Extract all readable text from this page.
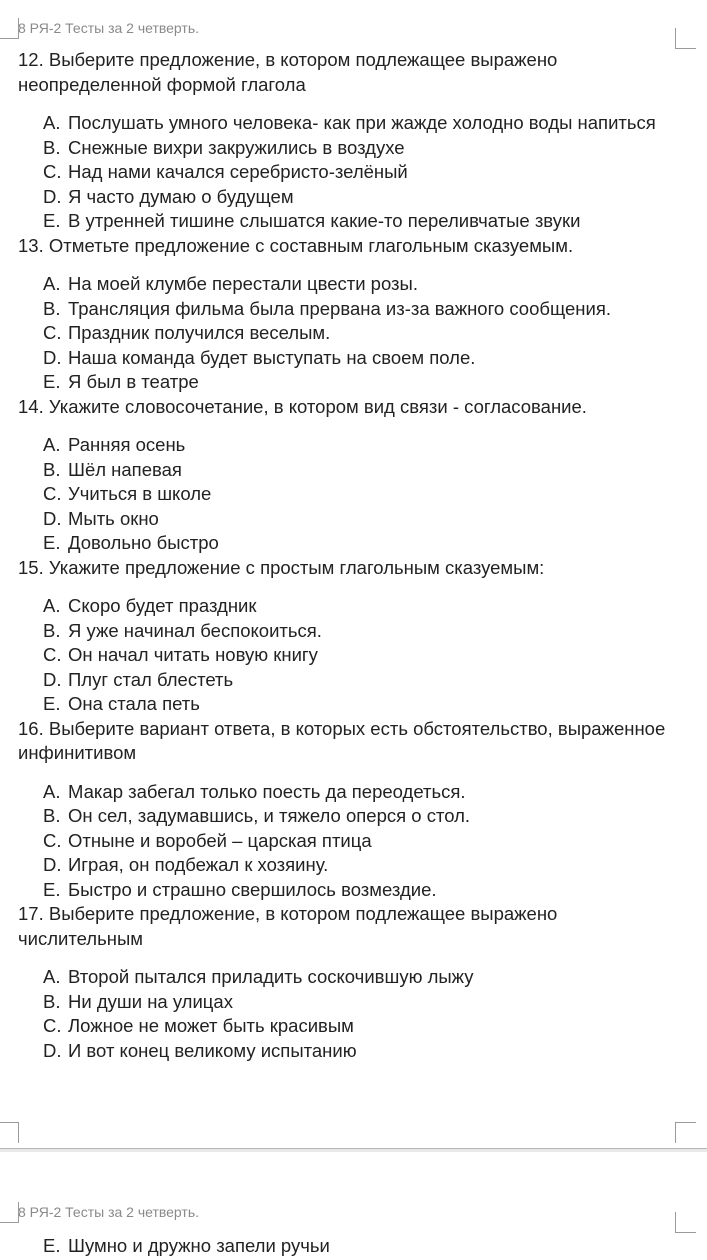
8 РЯ-2 Тесты за 2 четверть.
12. Выберите предложение, в котором подлежащее выражено неопределенной формой глагола
A. Послушать умного человека- как при жажде холодно воды напиться
B. Снежные вихри закружились в воздухе
C. Над нами качался серебристо-зелёный
D. Я часто думаю о будущем
E. В утренней тишине слышатся какие-то переливчатые звуки
13. Отметьте предложение с составным глагольным сказуемым.
A. На моей клумбе перестали цвести розы.
B. Трансляция фильма была прервана из-за важного сообщения.
C. Праздник получился веселым.
D. Наша команда будет выступать на своем поле.
E. Я был в театре
14. Укажите словосочетание, в котором вид связи - согласование.
A. Ранняя осень
B. Шёл напевая
C. Учиться в школе
D. Мыть окно
E. Довольно быстро
15. Укажите предложение с простым глагольным сказуемым:
A. Скоро будет праздник
B. Я уже начинал беспокоиться.
C. Он начал читать новую книгу
D. Плуг стал блестеть
E. Она стала петь
16. Выберите вариант ответа, в которых есть обстоятельство, выраженное инфинитивом
A. Макар забегал только поесть да переодеться.
B. Он сел, задумавшись, и тяжело оперся о стол.
C. Отныне и воробей – царская птица
D. Играя, он подбежал к хозяину.
E. Быстро и страшно свершилось возмездие.
17. Выберите предложение, в котором подлежащее выражено числительным
A. Второй пытался приладить соскочившую лыжу
B. Ни души на улицах
C. Ложное не может быть красивым
D. И вот конец великому испытанию
8 РЯ-2 Тесты за 2 четверть.
E. Шумно и дружно запели ручьи
